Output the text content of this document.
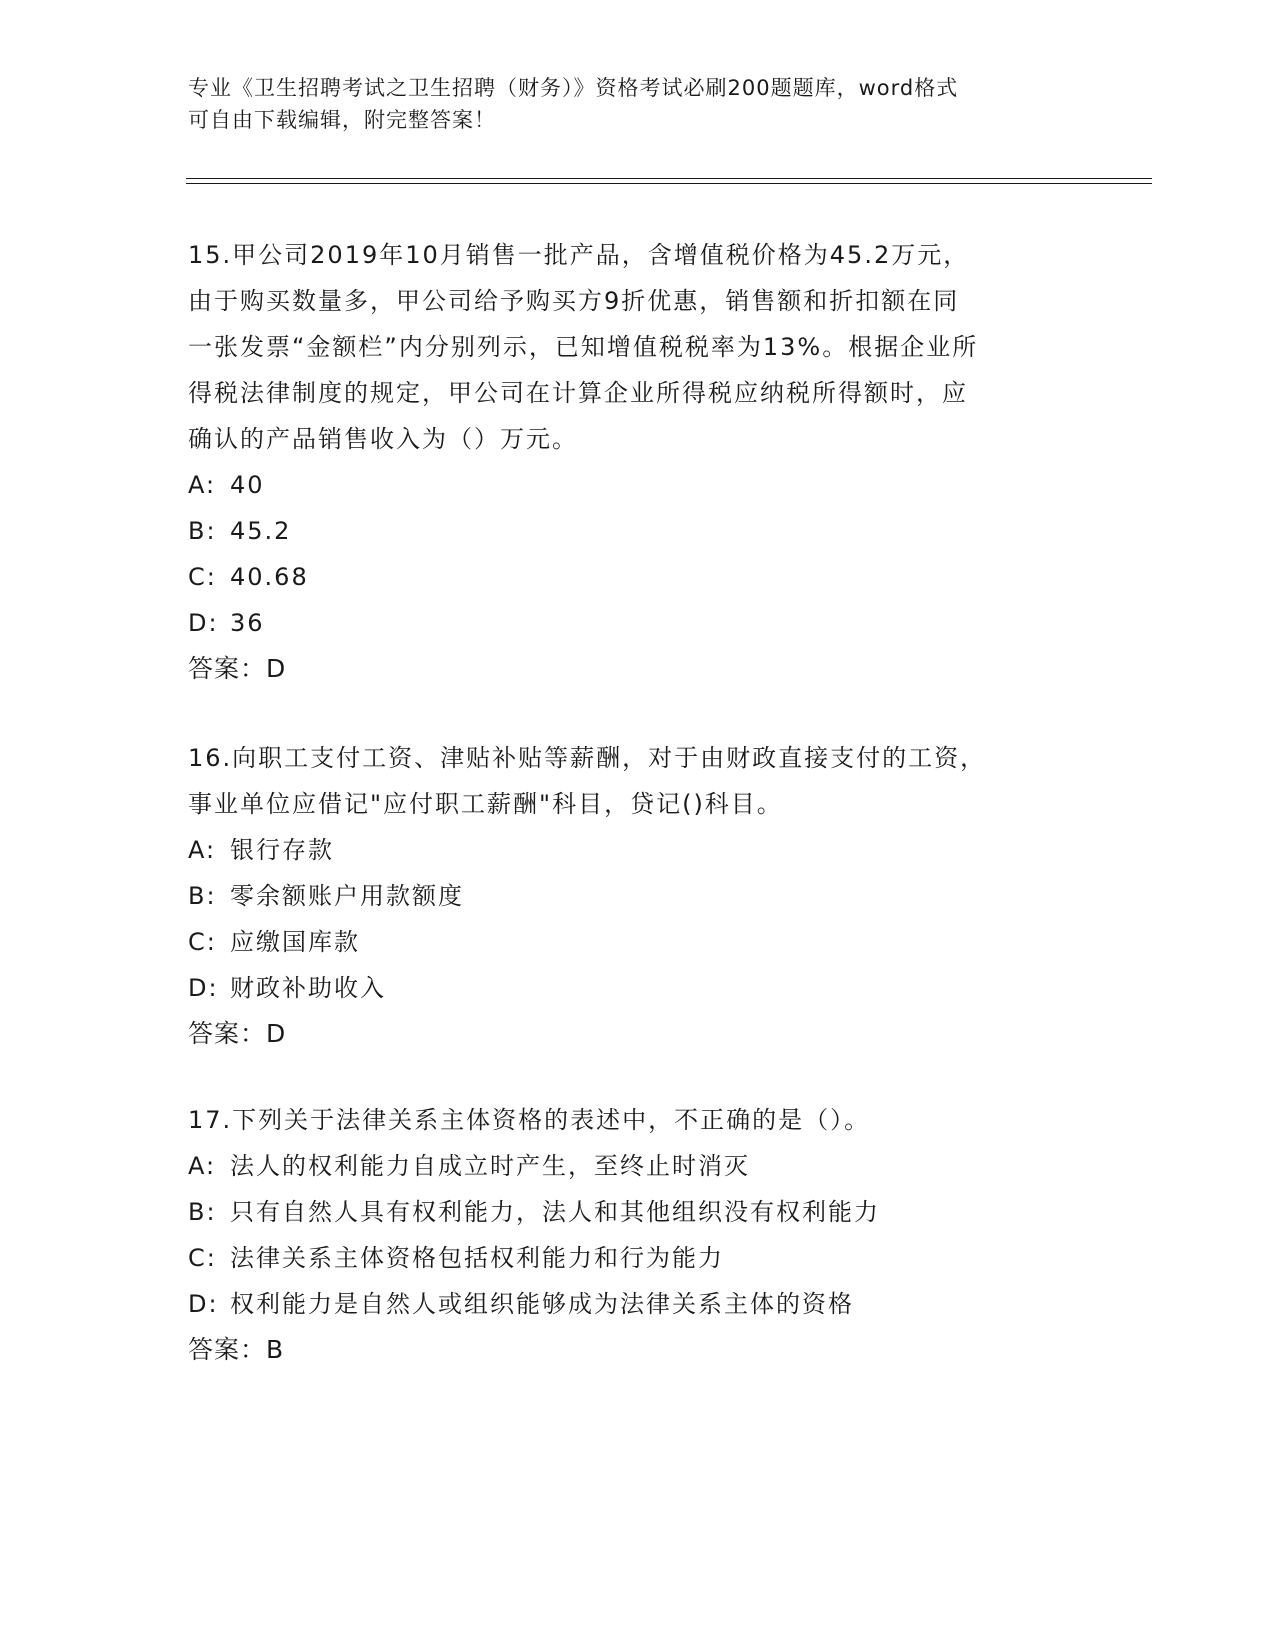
专业《卫生招聘考试之卫生招聘（财务）》资格考试必刷200题题库，word格式
可自由下载编辑，附完整答案！

15.甲公司2019年10月销售一批产品，含增值税价格为45.2万元，

由于购买数量多，甲公司给予购买方9折优惠，销售额和折扣额在同

一张发票“金额栏”内分别列示，已知增值税税率为13%。根据企业所

得税法律制度的规定，甲公司在计算企业所得税应纳税所得额时，应

确认的产品销售收入为（）万元。

A: 40

B: 45.2

C: 40.68

D: 36

答案：D

16.向职工支付工资、津贴补贴等薪酬，对于由财政直接支付的工资，

事业单位应借记"应付职工薪酬"科目，贷记()科目。

A: 银行存款

B: 零余额账户用款额度

C: 应缴国库款

D: 财政补助收入

答案：D

17.下列关于法律关系主体资格的表述中，不正确的是（）。

A: 法人的权利能力自成立时产生，至终止时消灭

B: 只有自然人具有权利能力，法人和其他组织没有权利能力

C: 法律关系主体资格包括权利能力和行为能力

D: 权利能力是自然人或组织能够成为法律关系主体的资格

答案：B
